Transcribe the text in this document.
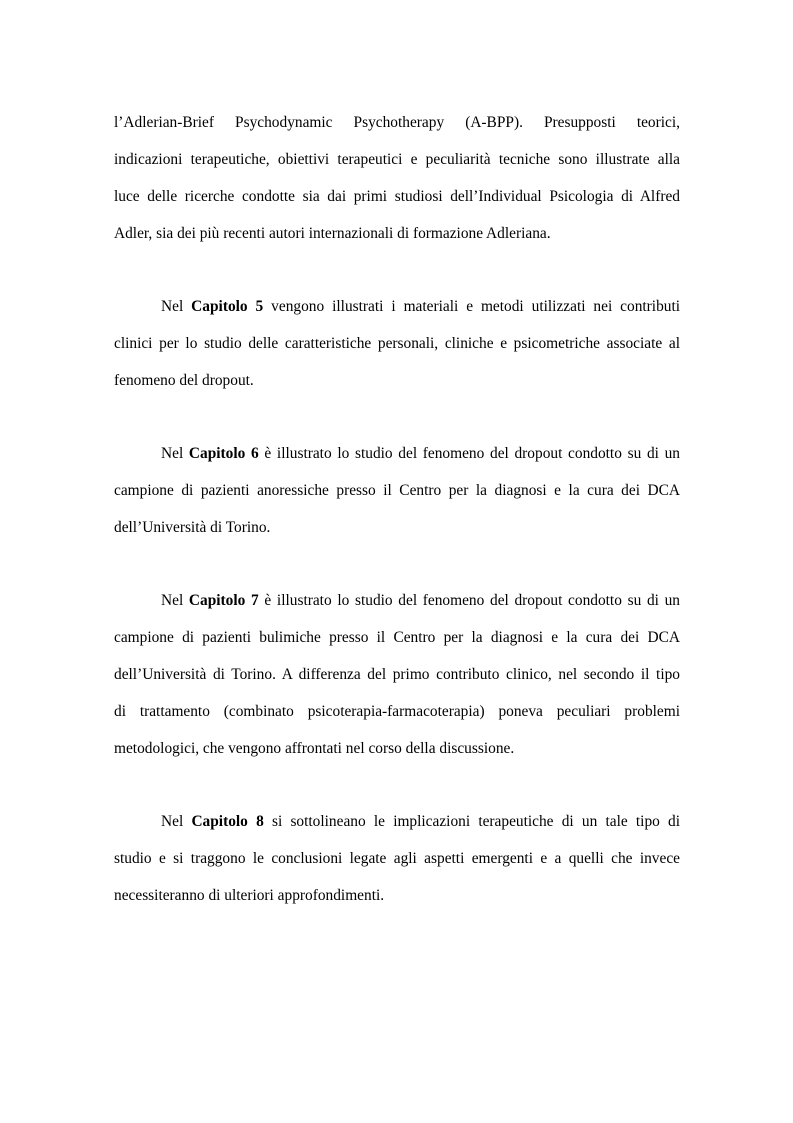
l’Adlerian-Brief Psychodynamic Psychotherapy (A-BPP). Presupposti teorici,
indicazioni terapeutiche, obiettivi terapeutici e peculiarità tecniche sono illustrate alla
luce delle ricerche condotte sia dai primi studiosi dell’Individual Psicologia di Alfred
Adler, sia dei più recenti autori internazionali di formazione Adleriana.
Nel Capitolo 5 vengono illustrati i materiali e metodi utilizzati nei contributi
clinici per lo studio delle caratteristiche personali, cliniche e psicometriche associate al
fenomeno del dropout.
Nel Capitolo 6 è illustrato lo studio del fenomeno del dropout condotto su di un
campione di pazienti anoressiche presso il Centro per la diagnosi e la cura dei DCA
dell’Università di Torino.
Nel Capitolo 7 è illustrato lo studio del fenomeno del dropout condotto su di un
campione di pazienti bulimiche presso il Centro per la diagnosi e la cura dei DCA
dell’Università di Torino. A differenza del primo contributo clinico, nel secondo il tipo
di trattamento (combinato psicoterapia-farmacoterapia) poneva peculiari problemi
metodologici, che vengono affrontati nel corso della discussione.
Nel Capitolo 8 si sottolineano le implicazioni terapeutiche di un tale tipo di
studio e si traggono le conclusioni legate agli aspetti emergenti e a quelli che invece
necessiteranno di ulteriori approfondimenti.
